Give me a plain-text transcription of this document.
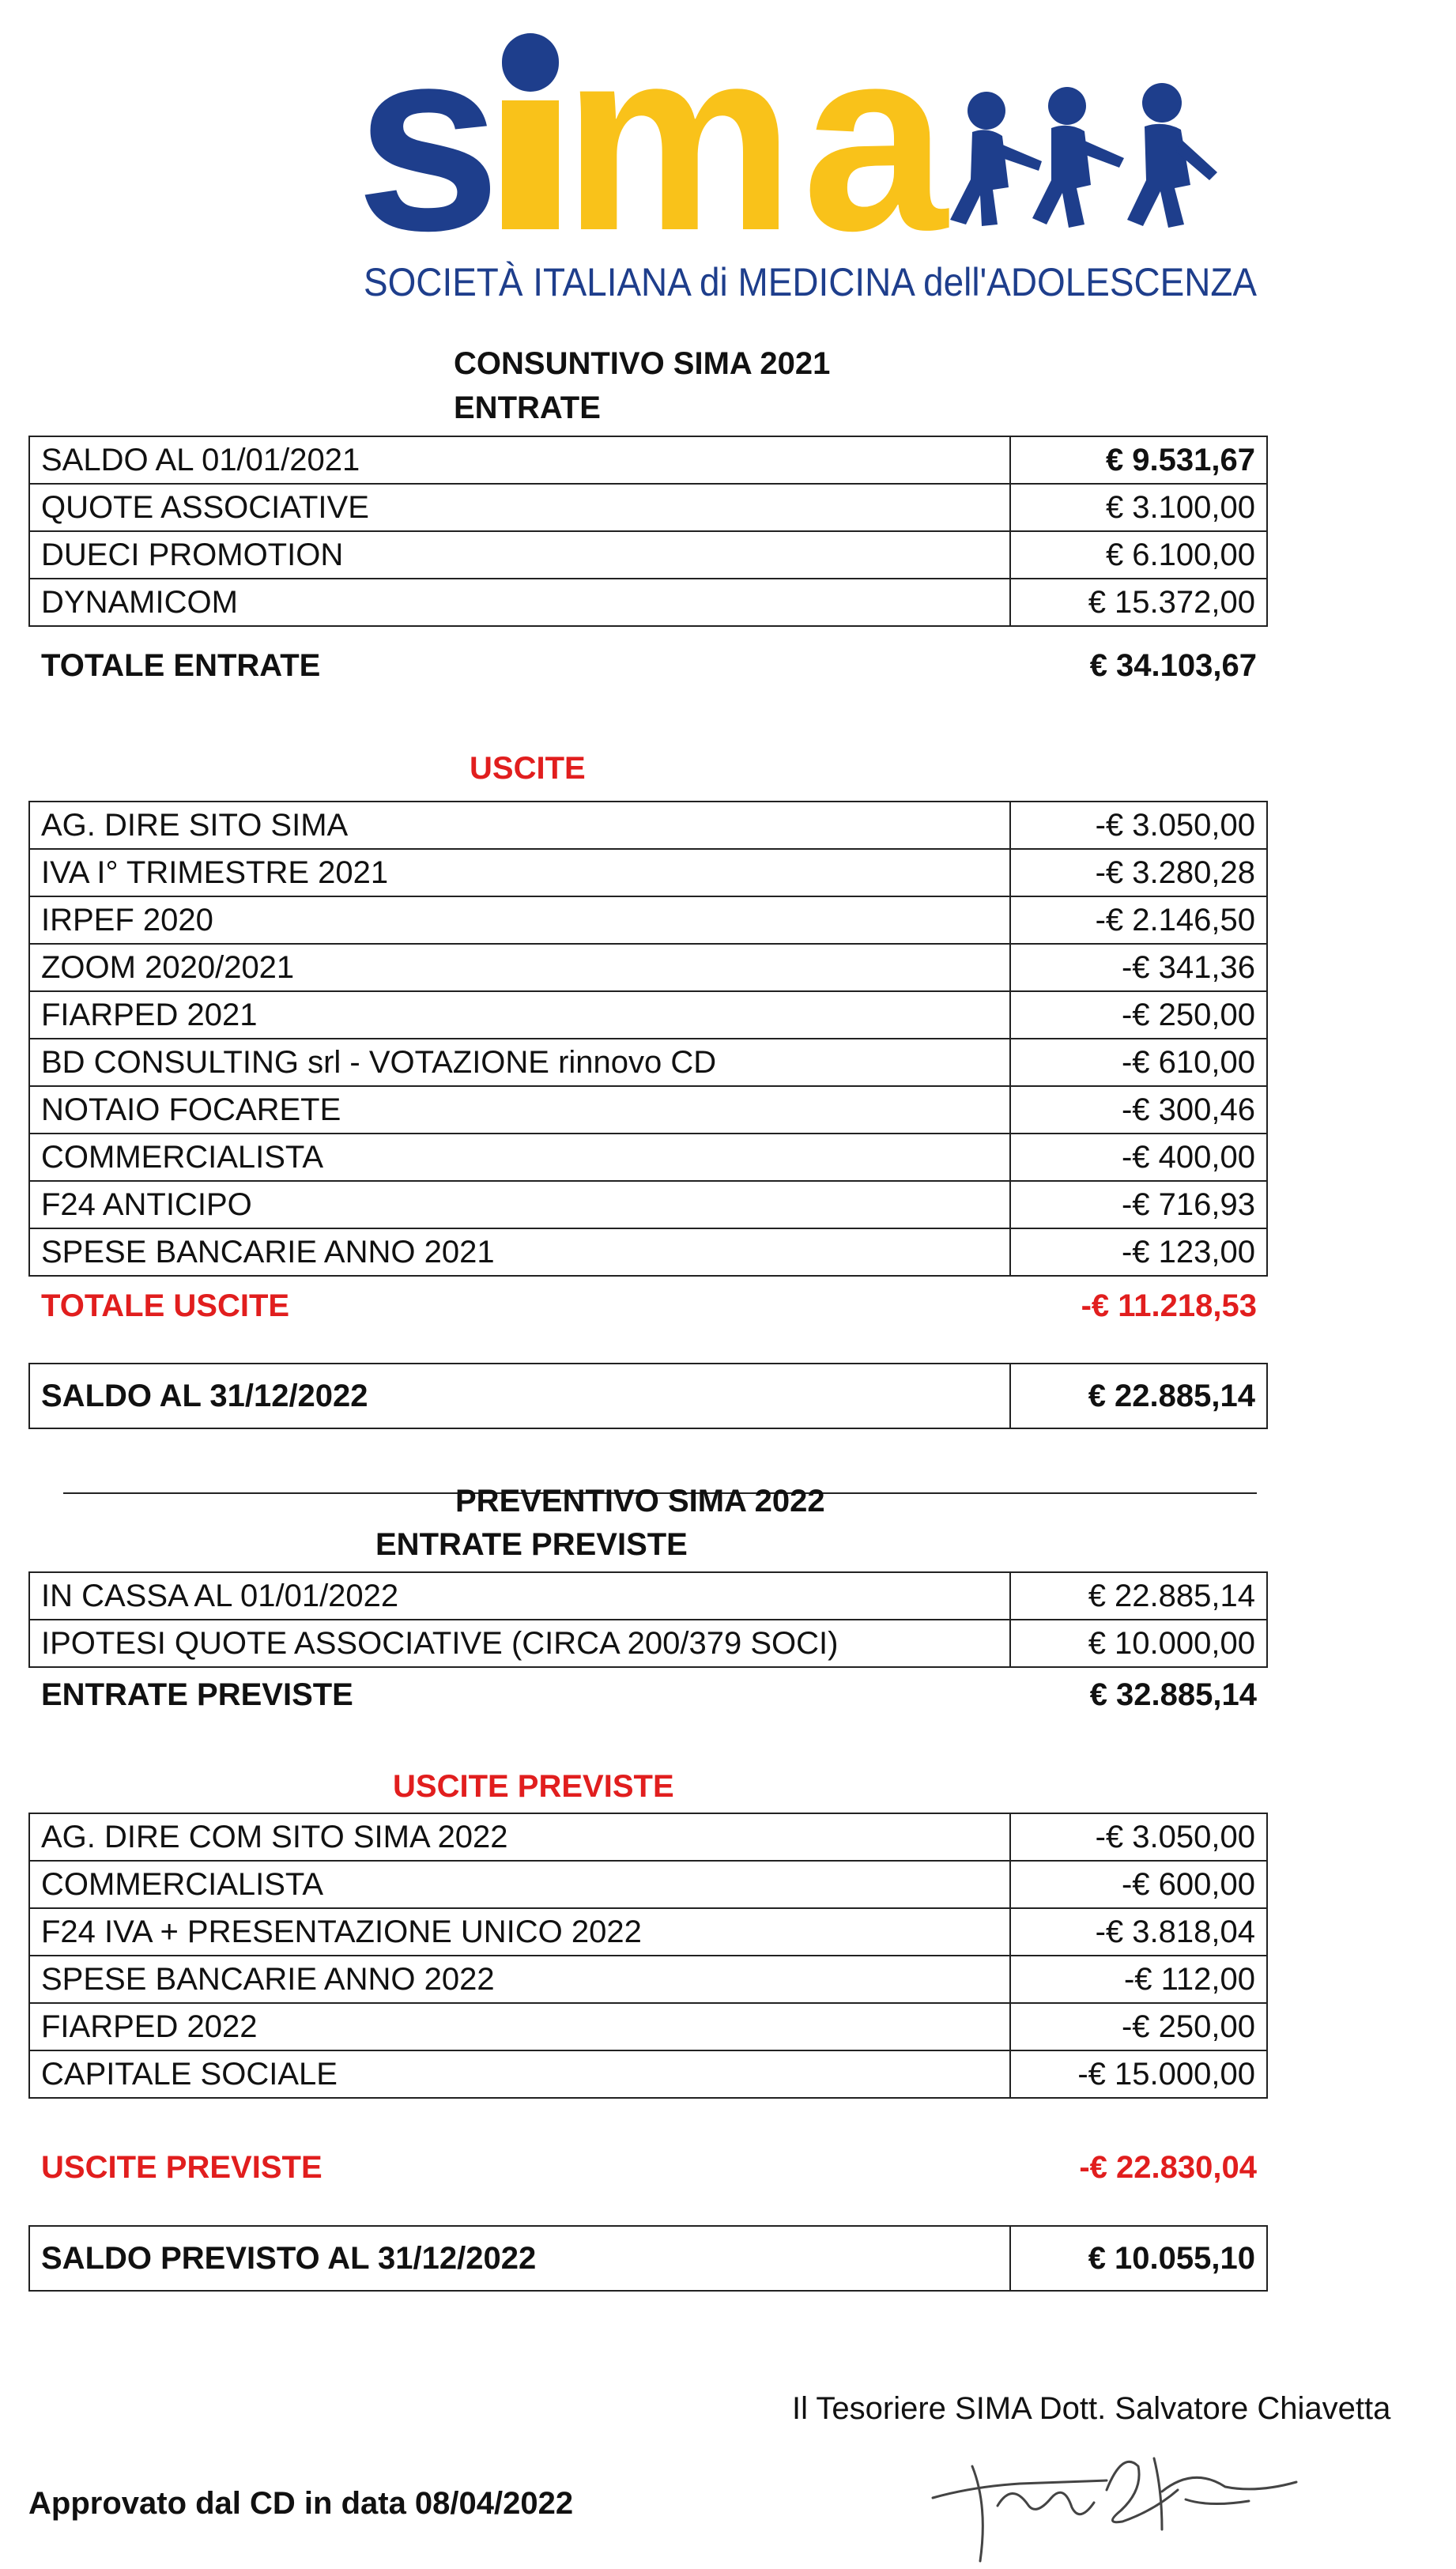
s m a
SOCIETÀ ITALIANA di MEDICINA dell'ADOLESCENZA
CONSUNTIVO SIMA 2021
ENTRATE
SALDO AL 01/01/2021	€ 9.531,67
QUOTE ASSOCIATIVE	€ 3.100,00
DUECI PROMOTION	€ 6.100,00
DYNAMICOM	€ 15.372,00
TOTALE ENTRATE	€ 34.103,67
USCITE
AG. DIRE SITO SIMA	-€ 3.050,00
IVA I° TRIMESTRE 2021	-€ 3.280,28
IRPEF 2020	-€ 2.146,50
ZOOM 2020/2021	-€ 341,36
FIARPED 2021	-€ 250,00
BD CONSULTING srl - VOTAZIONE rinnovo CD	-€ 610,00
NOTAIO FOCARETE	-€ 300,46
COMMERCIALISTA	-€ 400,00
F24 ANTICIPO	-€ 716,93
SPESE BANCARIE ANNO 2021	-€ 123,00
TOTALE USCITE	-€ 11.218,53
SALDO AL 31/12/2022	€ 22.885,14
PREVENTIVO SIMA 2022
ENTRATE PREVISTE
IN CASSA AL 01/01/2022	€ 22.885,14
IPOTESI QUOTE ASSOCIATIVE (CIRCA 200/379 SOCI)	€ 10.000,00
ENTRATE PREVISTE	€ 32.885,14
USCITE PREVISTE
AG. DIRE COM SITO SIMA 2022	-€ 3.050,00
COMMERCIALISTA	-€ 600,00
F24 IVA + PRESENTAZIONE UNICO 2022	-€ 3.818,04
SPESE BANCARIE ANNO 2022	-€ 112,00
FIARPED 2022	-€ 250,00
CAPITALE SOCIALE	-€ 15.000,00
USCITE PREVISTE	-€ 22.830,04
SALDO PREVISTO AL 31/12/2022	€ 10.055,10
Il Tesoriere SIMA Dott. Salvatore Chiavetta
Approvato dal CD in data 08/04/2022
